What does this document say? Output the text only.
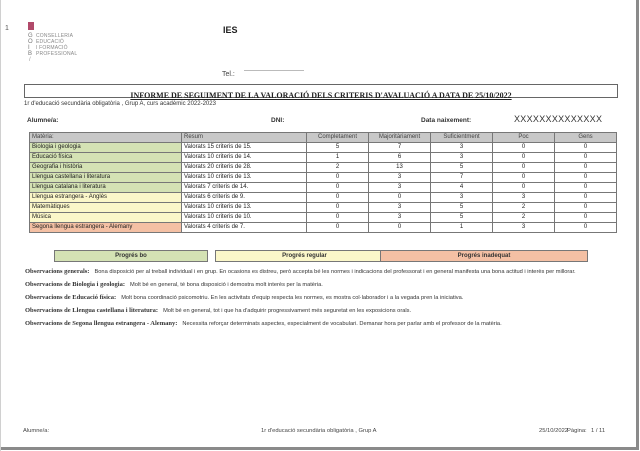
1
G CONSELLERIA
O EDUCACIÓ
I	I FORMACIÓ
B PROFESSIONAL
/
IES
Tel.:
INFORME DE SEGUIMENT DE LA VALORACIÓ DELS CRITERIS D'AVALUACIÓ A DATA DE 25/10/2022
1r d'educació secundària obligatòria , Grup A, curs acadèmic 2022-2023
Alumne/a:	DNI:	Data naixement:	XXXXXXXXXXXXXX
Matèria:	Resum	Completament	Majoritàriament	Suficientment	Poc	Gens
Biologia i geologia	Valorats 15 criteris de 15.	5	7	3	0	0
Educació física	Valorats 10 criteris de 14.	1	6	3	0	0
Geografia i història	Valorats 20 criteris de 28.	2	13	5	0	0
Llengua castellana i literatura	Valorats 10 criteris de 13.	0	3	7	0	0
Llengua catalana i literatura	Valorats 7 criteris de 14.	0	3	4	0	0
Llengua estrangera - Anglès	Valorats 6 criteris de 9.	0	0	3	3	0
Matemàtiques	Valorats 10 criteris de 13.	0	3	5	2	0
Música	Valorats 10 criteris de 10.	0	3	5	2	0
Segona llengua estrangera - Alemany	Valorats 4 criteris de 7.	0	0	1	3	0
Progrés bo	Progrés regular	Progrés inadequat
Observacions generals: Bona disposició per al treball individual i en grup. En ocasions es distreu, però accepta bé les normes i indicacions del professorat i en general manifesta una bona actitud i interès per millorar.
Observacions de Biologia i geologia: Molt bé en general, té bona disposició i demostra molt interès per la matèria.
Observacions de Educació física: Molt bona coordinació psicomotriu. En les activitats d'equip respecta les normes, es mostra col·laborador i a la vegada pren la iniciativa.
Observacions de Llengua castellana i literatura: Molt bé en general, tot i que ha d'adquirir progressivament més seguretat en les exposicions orals.
Observacions de Segona llengua estrangera - Alemany: Necessita reforçar determinats aspectes, especialment de vocabulari. Demanar hora per parlar amb el professor de la matèria.
Alumne/a:	1r d'educació secundària obligatòria , Grup A	25/10/2022
Pàgina: 1 / 11
